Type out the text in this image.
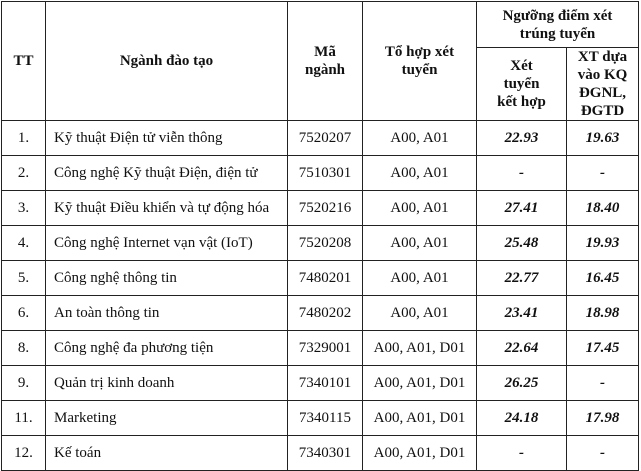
TT	Ngành đào tạo	Mã ngành	Tổ hợp xét tuyển	Ngưỡng điểm xét trúng tuyển	
				Xét tuyển kết hợp	XT dựa vào KQ ĐGNL, ĐGTD
1.	Kỹ thuật Điện tử viễn thông	7520207	A00, A01	22.93	19.63
2.	Công nghệ Kỹ thuật Điện, điện tử	7510301	A00, A01	-	-
3.	Kỹ thuật Điều khiển và tự động hóa	7520216	A00, A01	27.41	18.40
4.	Công nghệ Internet vạn vật (IoT)	7520208	A00, A01	25.48	19.93
5.	Công nghệ thông tin	7480201	A00, A01	22.77	16.45
6.	An toàn thông tin	7480202	A00, A01	23.41	18.98
8.	Công nghệ đa phương tiện	7329001	A00, A01, D01	22.64	17.45
9.	Quản trị kinh doanh	7340101	A00, A01, D01	26.25	-
11.	Marketing	7340115	A00, A01, D01	24.18	17.98
12.	Kế toán	7340301	A00, A01, D01	-	-
